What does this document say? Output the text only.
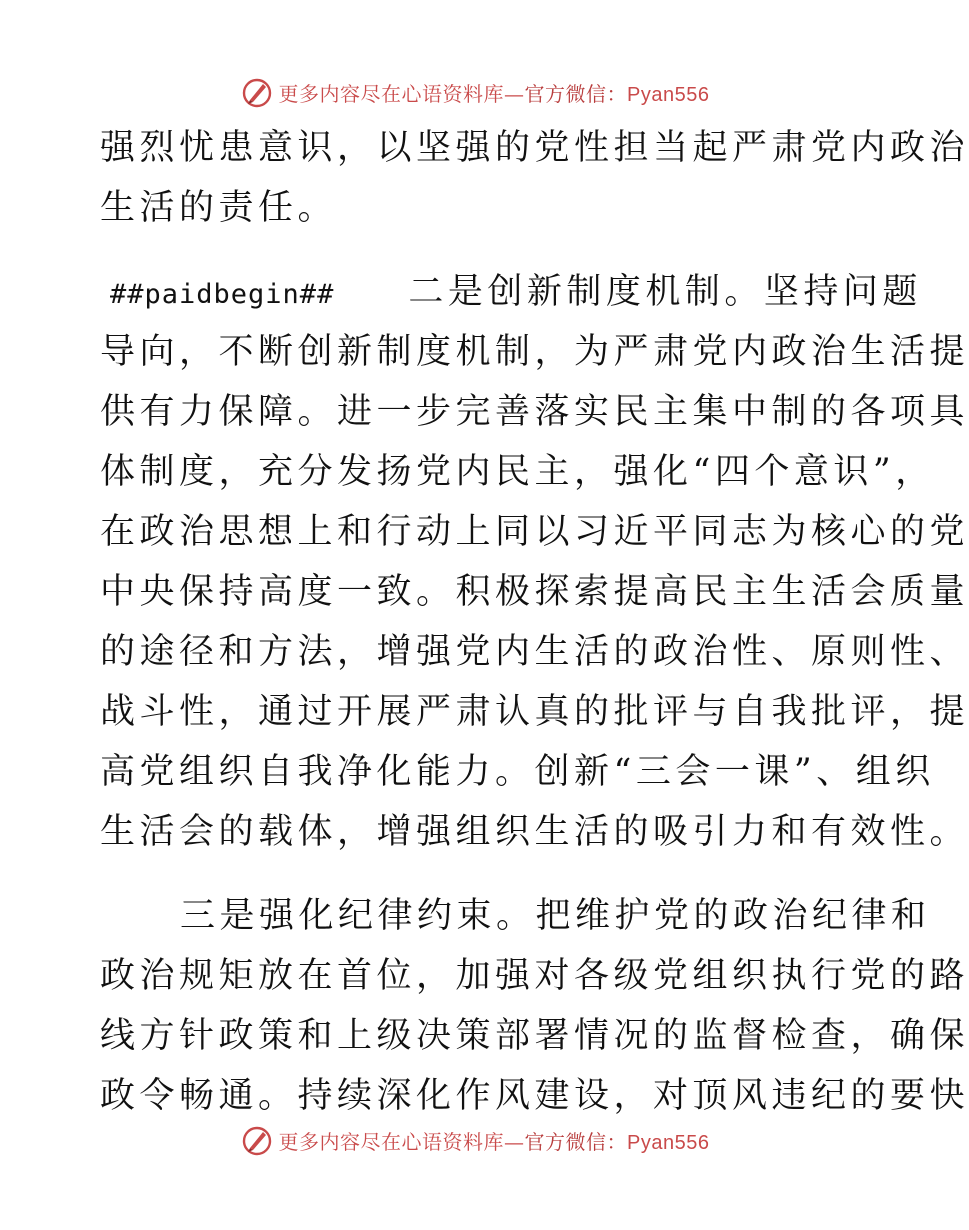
更多内容尽在心语资料库—官方微信：Pyan556
强烈忧患意识，以坚强的党性担当起严肃党内政治
生活的责任。
##paidbegin## 二是创新制度机制。坚持问题
导向，不断创新制度机制，为严肃党内政治生活提
供有力保障。进一步完善落实民主集中制的各项具
体制度，充分发扬党内民主，强化“四个意识”，
在政治思想上和行动上同以习近平同志为核心的党
中央保持高度一致。积极探索提高民主生活会质量
的途径和方法，增强党内生活的政治性、原则性、
战斗性，通过开展严肃认真的批评与自我批评，提
高党组织自我净化能力。创新“三会一课”、组织
生活会的载体，增强组织生活的吸引力和有效性。
三是强化纪律约束。把维护党的政治纪律和
政治规矩放在首位，加强对各级党组织执行党的路
线方针政策和上级决策部署情况的监督检查，确保
政令畅通。持续深化作风建设，对顶风违纪的要快
更多内容尽在心语资料库—官方微信：Pyan556
